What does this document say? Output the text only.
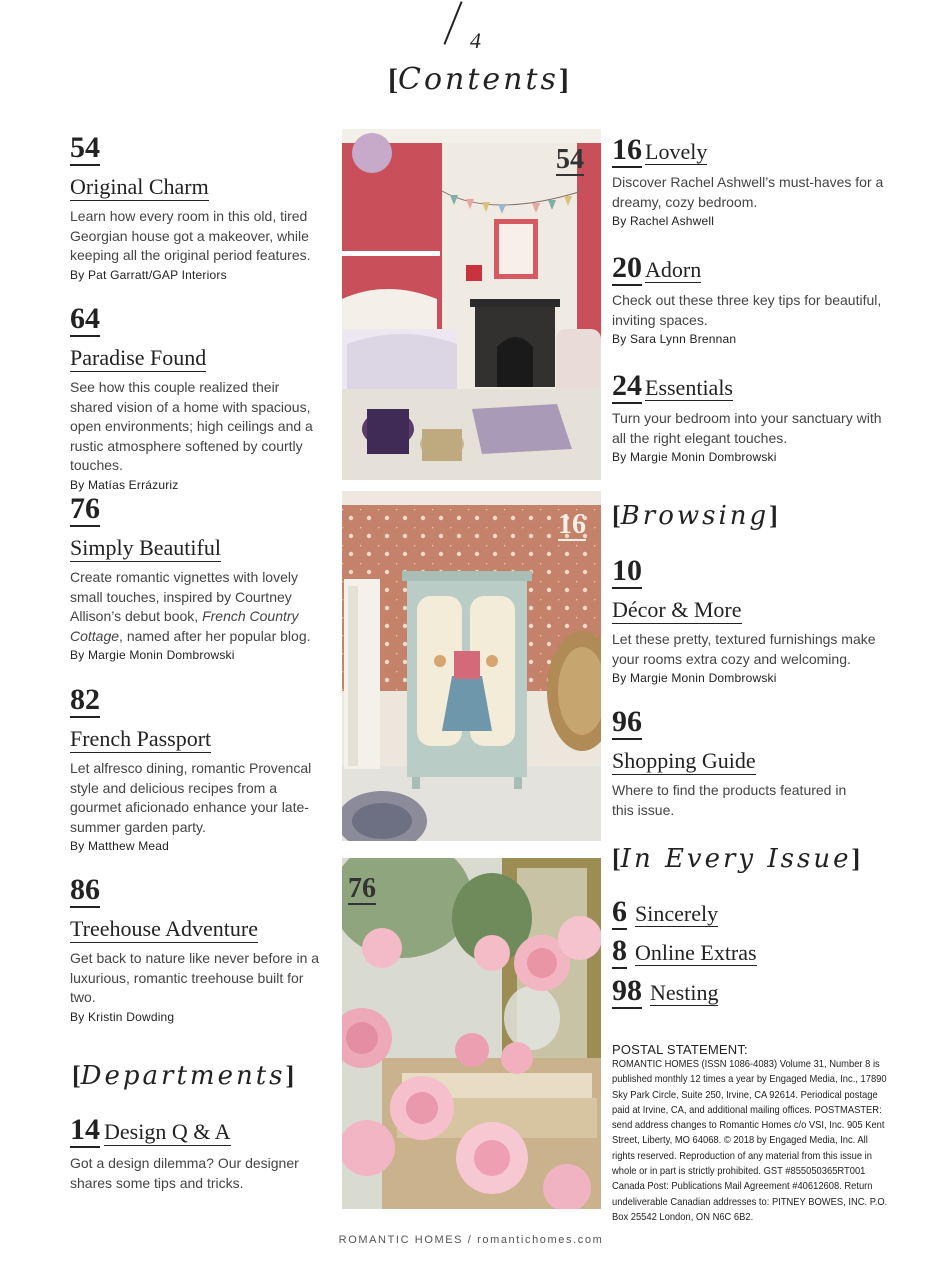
4
[Contents]
54
Original Charm
Learn how every room in this old, tired Georgian house got a makeover, while keeping all the original period features.
By Pat Garratt/GAP Interiors
64
Paradise Found
See how this couple realized their shared vision of a home with spacious, open environments; high ceilings and a rustic atmosphere softened by courtly touches.
By Matías Errázuriz
76
Simply Beautiful
Create romantic vignettes with lovely small touches, inspired by Courtney Allison’s debut book, French Country Cottage, named after her popular blog.
By Margie Monin Dombrowski
82
French Passport
Let alfresco dining, romantic Provencal style and delicious recipes from a gourmet aficionado enhance your late-summer garden party.
By Matthew Mead
86
Treehouse Adventure
Get back to nature like never before in a luxurious, romantic treehouse built for two.
By Kristin Dowding
[Departments]
14 Design Q & A
Got a design dilemma? Our designer shares some tips and tricks.
54
16
76
16 Lovely
Discover Rachel Ashwell’s must-haves for a dreamy, cozy bedroom.
By Rachel Ashwell
20 Adorn
Check out these three key tips for beautiful, inviting spaces.
By Sara Lynn Brennan
24 Essentials
Turn your bedroom into your sanctuary with all the right elegant touches.
By Margie Monin Dombrowski
[Browsing]
10
Décor & More
Let these pretty, textured furnishings make your rooms extra cozy and welcoming.
By Margie Monin Dombrowski
96
Shopping Guide
Where to find the products featured in this issue.
[In Every Issue]
6 Sincerely
8 Online Extras
98 Nesting
POSTAL STATEMENT:
ROMANTIC HOMES (ISSN 1086-4083) Volume 31, Number 8 is published monthly 12 times a year by Engaged Media, Inc., 17890 Sky Park Circle, Suite 250, Irvine, CA 92614. Periodical postage paid at Irvine, CA, and additional mailing offices. POSTMASTER: send address changes to Romantic Homes c/o VSI, Inc. 905 Kent Street, Liberty, MO 64068. © 2018 by Engaged Media, Inc. All rights reserved. Reproduction of any material from this issue in whole or in part is strictly prohibited. GST #855050365RT001 Canada Post: Publications Mail Agreement #40612608. Return undeliverable Canadian addresses to: PITNEY BOWES, INC. P.O. Box 25542 London, ON N6C 6B2.
ROMANTIC HOMES / romantichomes.com
